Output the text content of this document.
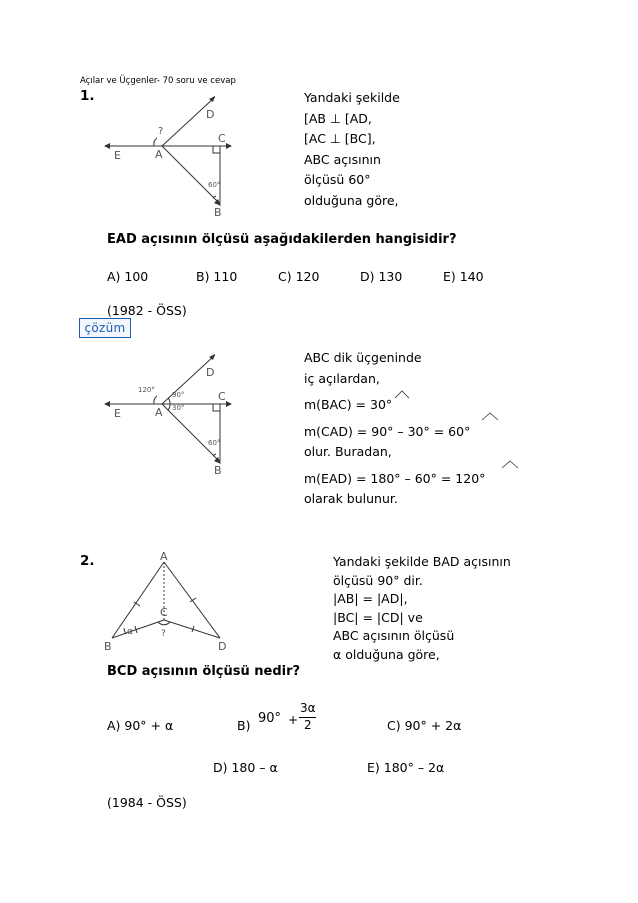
Açılar ve Üçgenler- 70 soru ve cevap
1.
E	A
C
D
B
?
60°
Yandaki şekilde
[AB ⊥ [AD,
[AC ⊥ [BC],
ABC açısının
ölçüsü 60°
olduğuna göre,
EAD açısının ölçüsü aşağıdakilerden hangisidir?
A) 100	B) 110	C) 120	D) 130	E) 140
(1982 - ÖSS)
çözüm
E	A
C
D
B
120°
90°
30°
60°
ABC dik üçgeninde
iç açılardan,
m(BAC) = 30°
m(CAD) = 90° – 30° = 60°
olur. Buradan,
m(EAD) = 180° – 60° = 120°
olarak bulunur.
2.	A
B
C
D
α	?
Yandaki şekilde BAD açısının
ölçüsü 90° dir.
|AB| = |AD|,
|BC| = |CD| ve
ABC açısının ölçüsü
α olduğuna göre,
BCD açısının ölçüsü nedir?
A) 90° + α	B) 90° +
3α
2	C) 90° + 2α
D) 180 – α	E) 180° – 2α
(1984 - ÖSS)
